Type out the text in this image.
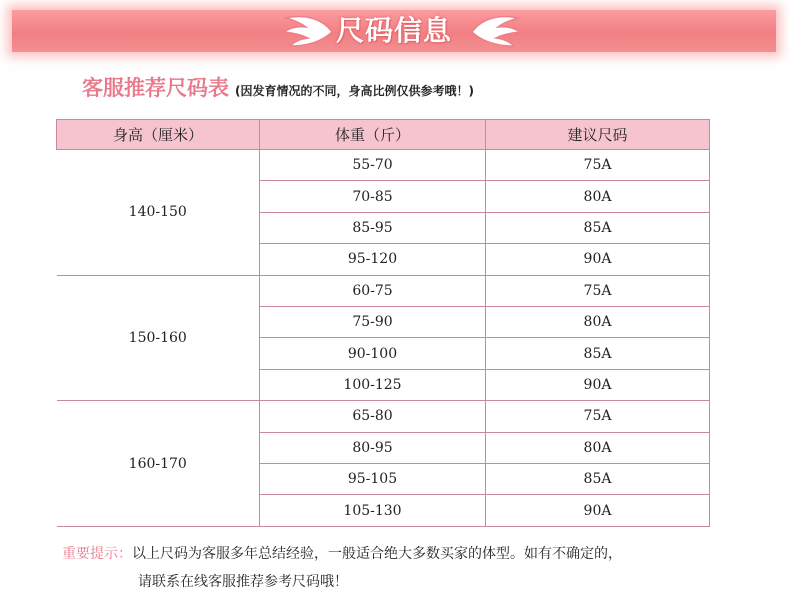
尺码信息
客服推荐尺码表 (因发育情况的不同，身高比例仅供参考哦！)
身高（厘米）	体重（斤）	建议尺码
140-150	55-70	75A
	70-85	80A
	85-95	85A
	95-120	90A
150-160	60-75	75A
	75-90	80A
	90-100	85A
	100-125	90A
160-170	65-80	75A
	80-95	80A
	95-105	85A
	105-130	90A
重要提示：以上尺码为客服多年总结经验，一般适合绝大多数买家的体型。如有不确定的，
请联系在线客服推荐参考尺码哦！
